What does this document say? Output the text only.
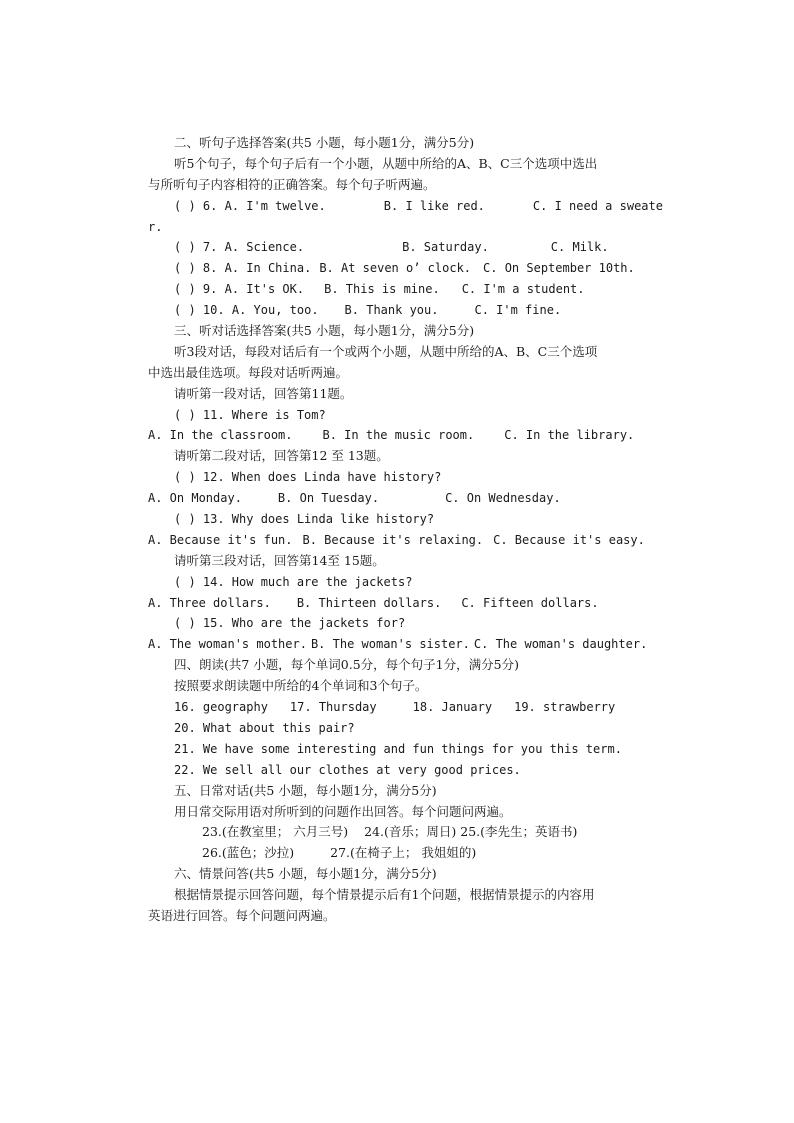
二、听句子选择答案(共5 小题，每小题1分，满分5分)
听5个句子，每个句子后有一个小题，从题中所给的A、B、C三个选项中选出
与所听句子内容相符的正确答案。每个句子听两遍。
( ) 6. A. I'm twelve.	B. I like red.	C. I need a sweate
r.
( ) 7. A. Science.	B. Saturday.	C. Milk.
( ) 8. A. In China. B. At seven o’ clock. C. On September 10th.
( ) 9. A. It's OK. B. This is mine. C. I'm a student.
( ) 10. A. You, too. B. Thank you.	C. I'm fine.
三、听对话选择答案(共5 小题，每小题1分，满分5分)
听3段对话，每段对话后有一个或两个小题，从题中所给的A、B、C三个选项
中选出最佳选项。每段对话听两遍。
请听第一段对话，回答第11题。
( ) 11. Where is Tom?
A. In the classroom.	B. In the music room.	C. In the library.
请听第二段对话，回答第12 至 13题。
( ) 12. When does Linda have history?
A. On Monday.	B. On Tuesday.	C. On Wednesday.
( ) 13. Why does Linda like history?
A. Because it's fun. B. Because it's relaxing. C. Because it's easy.
请听第三段对话，回答第14至 15题。
( ) 14. How much are the jackets?
A. Three dollars. B. Thirteen dollars. C. Fifteen dollars.
( ) 15. Who are the jackets for?
A. The woman's mother. B. The woman's sister. C. The woman's daughter.
四、朗读(共7 小题，每个单词0.5分，每个句子1分，满分5分)
按照要求朗读题中所给的4个单词和3个句子。
16. geography 17. Thursday	18. January 19. strawberry
20. What about this pair?
21. We have some interesting and fun things for you this term.
22. We sell all our clothes at very good prices.
五、日常对话(共5 小题，每小题1分，满分5分)
用日常交际用语对所听到的问题作出回答。每个问题问两遍。
23.(在教室里； 六月三号) 24.(音乐；周日) 25.(李先生；英语书)
26.(蓝色；沙拉)	27.(在椅子上； 我姐姐的)
六、情景问答(共5 小题，每小题1分，满分5分)
根据情景提示回答问题，每个情景提示后有1个问题，根据情景提示的内容用
英语进行回答。每个问题问两遍。
